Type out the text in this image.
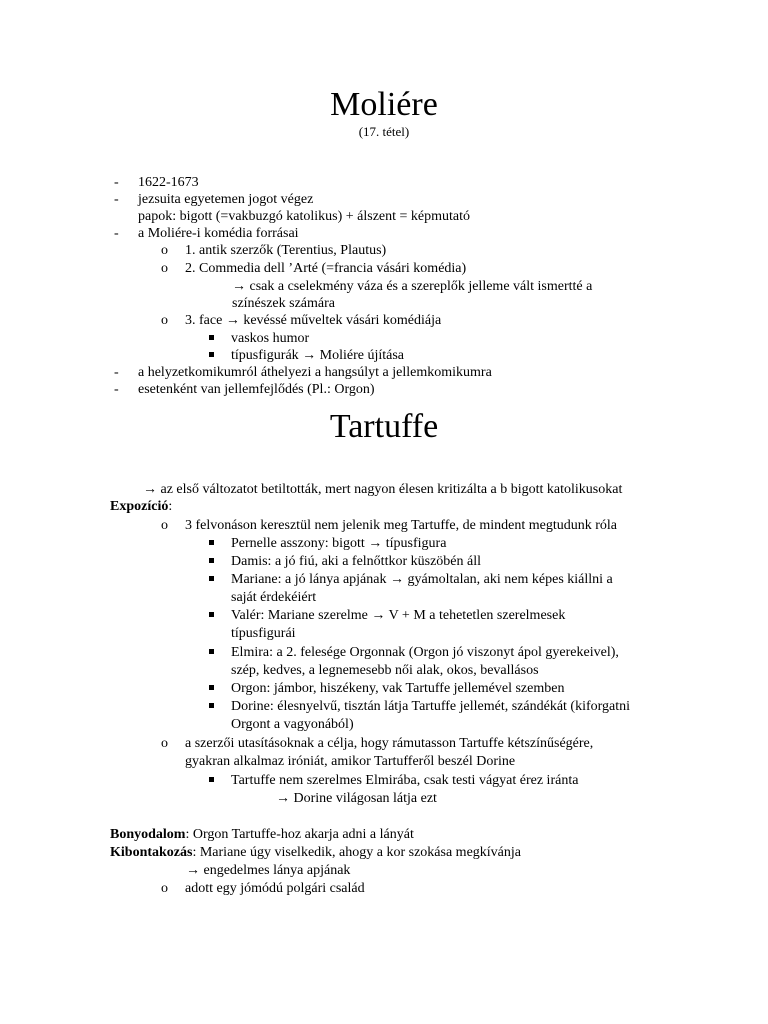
Moliére
(17. tétel)
- 1622-1673
- jezsuita egyetemen jogot végez
papok: bigott (=vakbuzgó katolikus) + álszent = képmutató
- a Moliére-i komédia forrásai
o 1. antik szerzők (Terentius, Plautus)
o 2. Commedia dell ’Arté (=francia vásári komédia)
→ csak a cselekmény váza és a szereplők jelleme vált ismertté a
színészek számára
o 3. face → kevéssé műveltek vásári komédiája
vaskos humor
típusfigurák → Moliére újítása
- a helyzetkomikumról áthelyezi a hangsúlyt a jellemkomikumra
- esetenként van jellemfejlődés (Pl.: Orgon)
Tartuffe
→ az első változatot betiltották, mert nagyon élesen kritizálta a b bigott katolikusokat
Expozíció:
o 3 felvonáson keresztül nem jelenik meg Tartuffe, de mindent megtudunk róla
Pernelle asszony: bigott → típusfigura
Damis: a jó fiú, aki a felnőttkor küszöbén áll
Mariane: a jó lánya apjának → gyámoltalan, aki nem képes kiállni a
saját érdekéiért
Valér: Mariane szerelme → V + M a tehetetlen szerelmesek
típusfigurái
Elmira: a 2. felesége Orgonnak (Orgon jó viszonyt ápol gyerekeivel),
szép, kedves, a legnemesebb női alak, okos, bevallásos
Orgon: jámbor, hiszékeny, vak Tartuffe jellemével szemben
Dorine: élesnyelvű, tisztán látja Tartuffe jellemét, szándékát (kiforgatni
Orgont a vagyonából)
o a szerzői utasításoknak a célja, hogy rámutasson Tartuffe kétszínűségére,
gyakran alkalmaz iróniát, amikor Tartufferől beszél Dorine
Tartuffe nem szerelmes Elmirába, csak testi vágyat érez iránta
→ Dorine világosan látja ezt
Bonyodalom: Orgon Tartuffe-hoz akarja adni a lányát
Kibontakozás: Mariane úgy viselkedik, ahogy a kor szokása megkívánja
→ engedelmes lánya apjának
o adott egy jómódú polgári család
